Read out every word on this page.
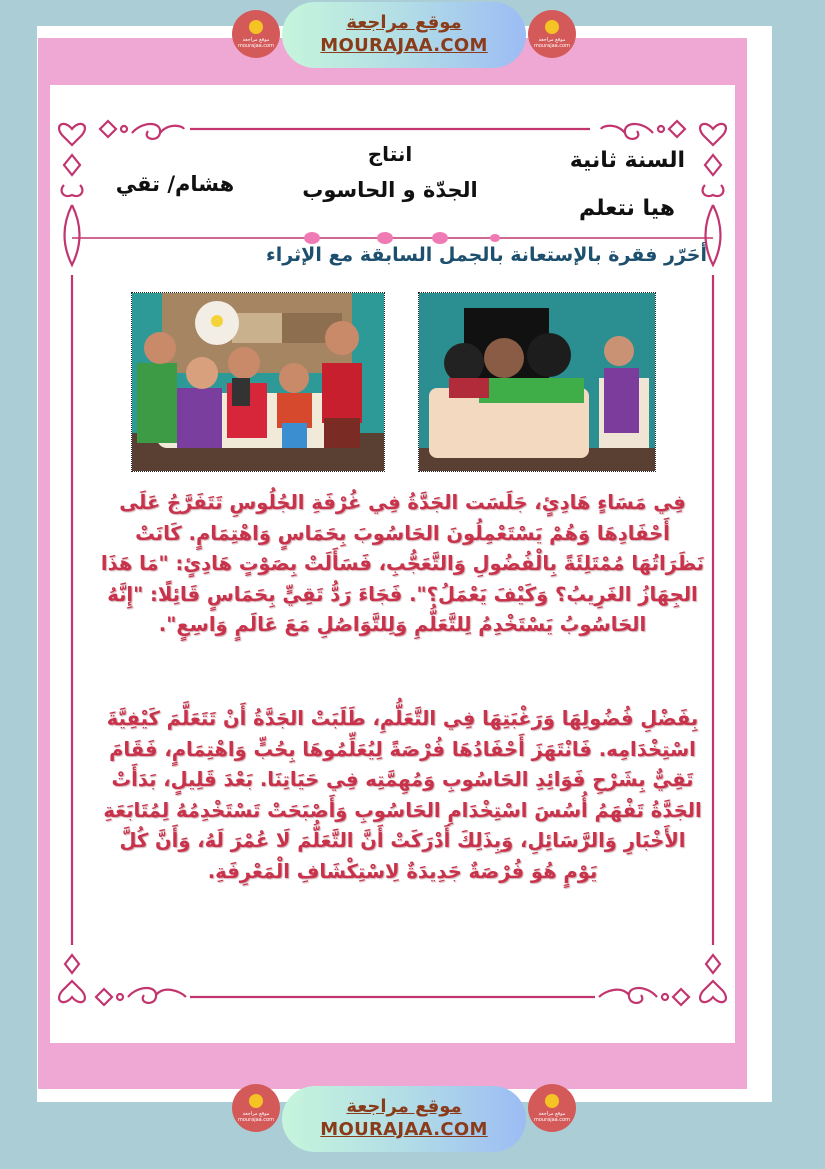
موقع مراجعة
mourajaa.com
موقع مراجعة
MOURAJAA.COM	موقع مراجعة
mourajaa.com
السنة ثانية
هيا نتعلم
انتاج
الجدّة و الحاسوب
هشام/ تقي
أحَرّر فقرة بالإستعانة بالجمل السابقة مع الإثراء
فِي مَسَاءٍ هَادِئٍ، جَلَسَت الجَدَّةُ فِي غُرْفَةِ الجُلُوسِ تَتَفَرَّجُ عَلَى أَحْفَادِهَا وَهُمْ يَسْتَعْمِلُونَ الحَاسُوبَ بِحَمَاسٍ وَاهْتِمَامٍ. كَانَتْ نَظَرَاتُهَا مُمْتَلِئَةً بِالْفُضُولِ وَالتَّعَجُّبِ، فَسَأَلَتْ بِصَوْتٍ هَادِئٍ: "مَا هَذَا الجِهَازُ الغَرِيبُ؟ وَكَيْفَ يَعْمَلُ؟". فَجَاءَ رَدُّ تَقِيٍّ بِحَمَاسٍ قَائِلًا: "إِنَّهُ الحَاسُوبُ يَسْتَخْدِمُ لِلتَّعَلُّمِ وَلِلتَّوَاصُلِ مَعَ عَالَمٍ وَاسِعٍ".
بِفَضْلِ فُضُولِهَا وَرَغْبَتِهَا فِي التَّعَلُّمِ، طَلَبَتْ الجَدَّةُ أَنْ تَتَعَلَّمَ كَيْفِيَّةَ اسْتِخْدَامِه. فَانْتَهَزَ أَحْفَادُهَا فُرْصَةً لِيُعَلِّمُوهَا بِحُبٍّ وَاهْتِمَامٍ، فَقَامَ تَقِيٌّ بِشَرْحِ فَوَائِدِ الحَاسُوبِ وَمُهِمَّتِه فِي حَيَاتِنَا. بَعْدَ قَلِيلٍ، بَدَأَتْ الجَدَّةُ تَفْهَمُ أُسُسَ اسْتِخْدَامِ الحَاسُوبِ وَأَصْبَحَتْ تَسْتَخْدِمُهُ لِمُتَابَعَةِ الأَخْبَارِ وَالرَّسَائِلِ، وَبِذَلِكَ أَدْرَكَتْ أَنَّ التَّعَلُّمَ لَا عُمْرَ لَهُ، وَأَنَّ كُلَّ يَوْمٍ هُوَ فُرْصَةٌ جَدِيدَةٌ لِاسْتِكْشَافِ الْمَعْرِفَةِ.
موقع مراجعة
mourajaa.com
موقع مراجعة
MOURAJAA.COM
موقع مراجعة
mourajaa.com
